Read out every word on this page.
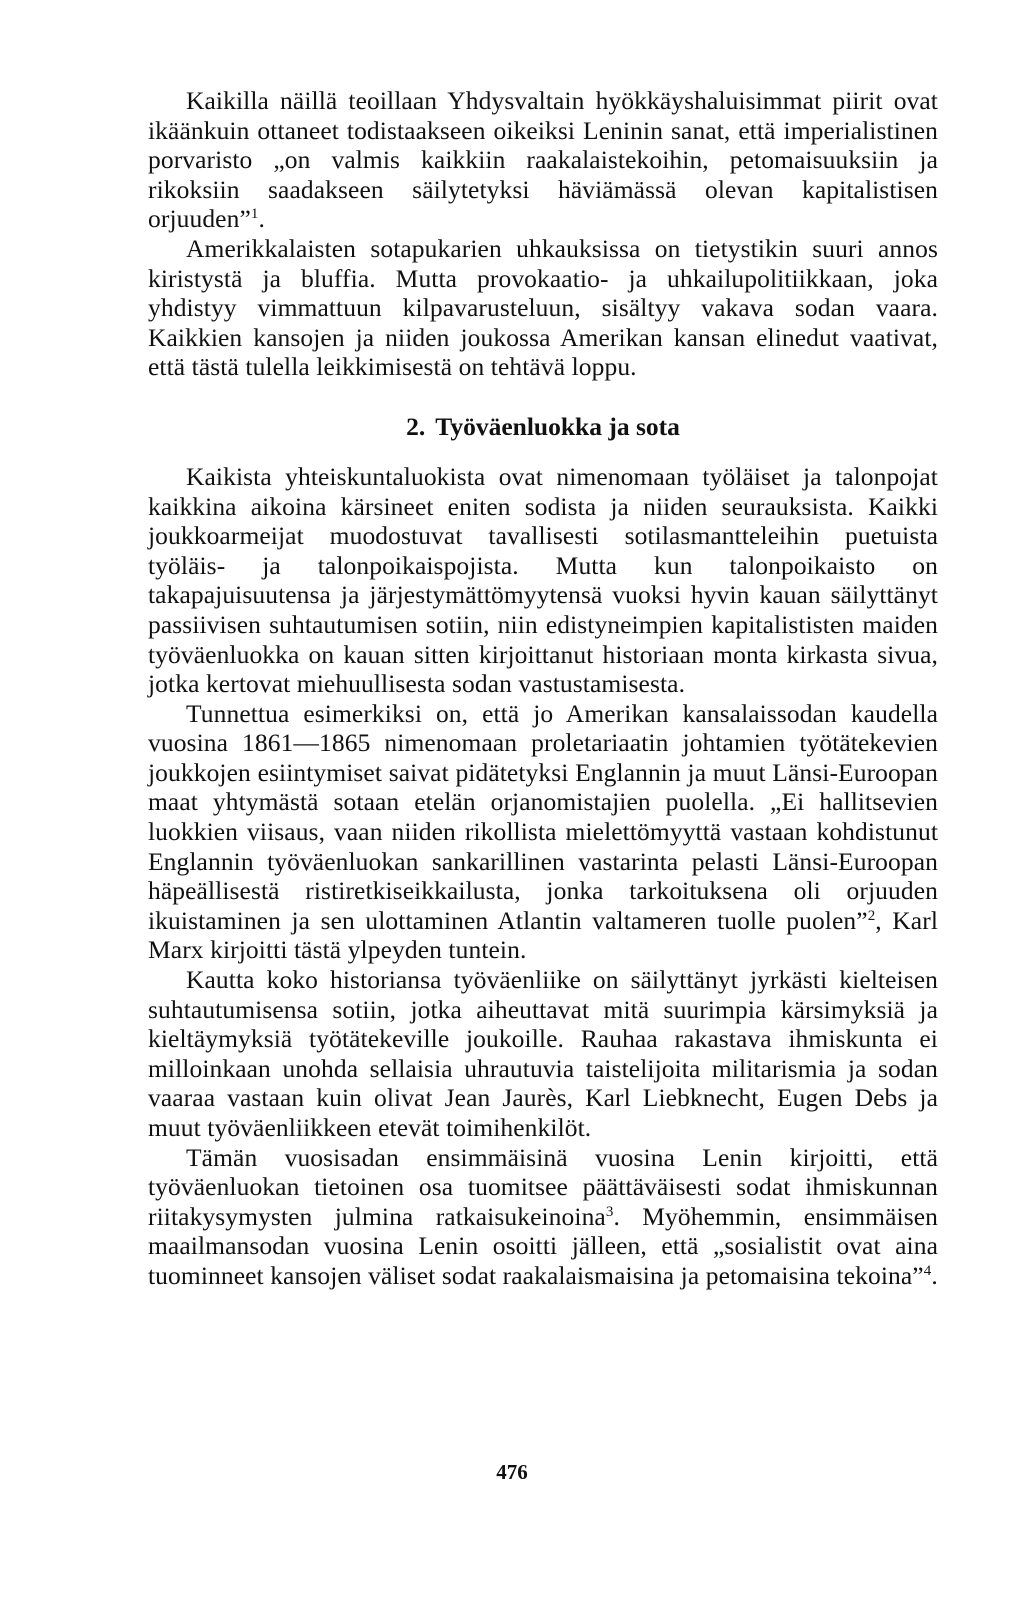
Kaikilla näillä teoillaan Yhdysvaltain hyökkäyshaluisimmat piirit ovat ikäänkuin ottaneet todistaakseen oikeiksi Leninin sanat, että imperialistinen porvaristo „on valmis kaikkiin raakalaistekoihin, petomaisuuksiin ja rikoksiin saadakseen säilytetyksi häviämässä olevan kapitalistisen orjuuden”$^1$.

Amerikkalaisten sotapukarien uhkauksissa on tietystikin suuri annos kiristystä ja bluffia. Mutta provokaatio- ja uhkailupolitiikkaan, joka yhdistyy vimmattuun kilpavarusteluun, sisältyy vakava sodan vaara. Kaikkien kansojen ja niiden joukossa Amerikan kansan elinedut vaativat, että tästä tulella leikkimisestä on tehtävä loppu.

2. Työväenluokka ja sota

Kaikista yhteiskuntaluokista ovat nimenomaan työläiset ja talonpojat kaikkina aikoina kärsineet eniten sodista ja niiden seurauksista. Kaikki joukkoarmeijat muodostuvat tavallisesti sotilasmantteleihin puetuista työläis- ja talonpoikaispojista. Mutta kun talonpoikaisto on takapajuisuutensa ja järjestymättömyytensä vuoksi hyvin kauan säilyttänyt passiivisen suhtautumisen sotiin, niin edistyneimpien kapitalististen maiden työväenluokka on kauan sitten kirjoittanut historiaan monta kirkasta sivua, jotka kertovat miehuullisesta sodan vastustamisesta.

Tunnettua esimerkiksi on, että jo Amerikan kansalaissodan kaudella vuosina 1861—1865 nimenomaan proletariaatin johtamien työtätekevien joukkojen esiintymiset saivat pidätetyksi Englannin ja muut Länsi-Euroopan maat yhtymästä sotaan etelän orjanomistajien puolella. „Ei hallitsevien luokkien viisaus, vaan niiden rikollista mielettömyyttä vastaan kohdistunut Englannin työväenluokan sankarillinen vastarinta pelasti Länsi-Euroopan häpeällisestä ristiretkiseikkailusta, jonka tarkoituksena oli orjuuden ikuistaminen ja sen ulottaminen Atlantin valtameren tuolle puolen”$^2$, Karl Marx kirjoitti tästä ylpeyden tuntein.

Kautta koko historiansa työväenliike on säilyttänyt jyrkästi kielteisen suhtautumisensa sotiin, jotka aiheuttavat mitä suurimpia kärsimyksiä ja kieltäymyksiä työtätekeville joukoille. Rauhaa rakastava ihmiskunta ei milloinkaan unohda sellaisia uhrautuvia taistelijoita militarismia ja sodan vaaraa vastaan kuin olivat Jean Jaurès, Karl Liebknecht, Eugen Debs ja muut työväenliikkeen etevät toimihenkilöt.

Tämän vuosisadan ensimmäisinä vuosina Lenin kirjoitti, että työväenluokan tietoinen osa tuomitsee päättäväisesti sodat ihmiskunnan riitakysymysten julmina ratkaisukeinoina$^3$. Myöhemmin, ensimmäisen maailmansodan vuosina Lenin osoitti jälleen, että „sosialistit ovat aina tuominneet kansojen väliset sodat raakalaismaisina ja petomaisina tekoina”$^4$.

476
